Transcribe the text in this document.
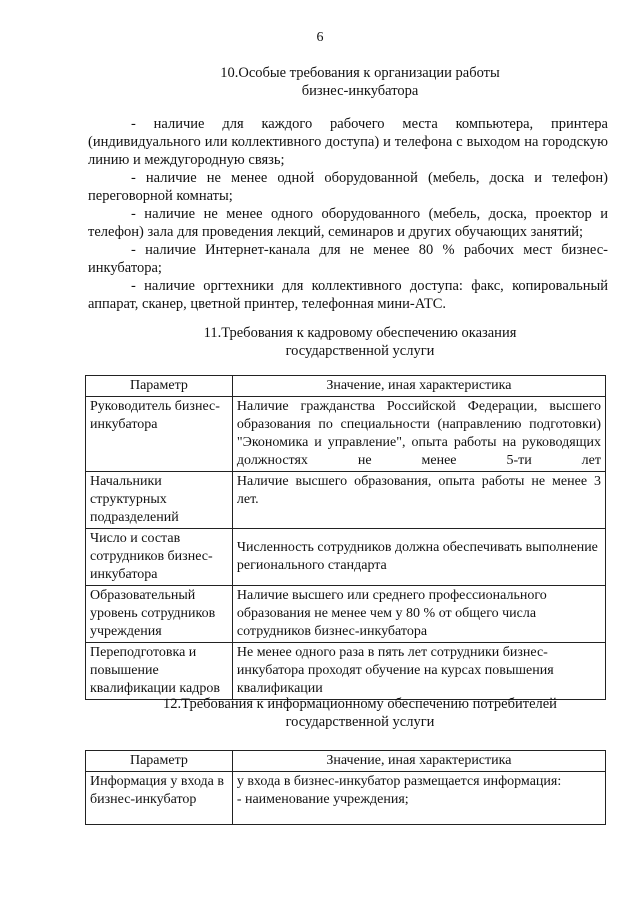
6
10.Особые требования к организации работы
бизнес-инкубатора

- наличие для каждого рабочего места компьютера, принтера (индивидуального или коллективного доступа) и телефона с выходом на городскую линию и междугородную связь;

- наличие не менее одной оборудованной (мебель, доска и телефон) переговорной комнаты;

- наличие не менее одного оборудованного (мебель, доска, проектор и телефон) зала для проведения лекций, семинаров и других обучающих занятий;

- наличие Интернет-канала для не менее 80 % рабочих мест бизнес-инкубатора;

- наличие оргтехники для коллективного доступа: факс, копировальный аппарат, сканер, цветной принтер, телефонная мини-АТС.

11.Требования к кадровому обеспечению оказания
государственной услуги
Параметр	Значение, иная характеристика
Руководитель бизнес-инкубатора	Наличие гражданства Российской Федерации, высшего образования по специальности (направлению подготовки) "Экономика и управление", опыта работы на руководящих должностях не менее 5-ти лет
Начальники структурных подразделений	Наличие высшего образования, опыта работы не менее 3 лет.
Число и состав сотрудников бизнес-инкубатора	Численность сотрудников должна обеспечивать выполнение регионального стандарта
Образовательный уровень сотрудников учреждения	Наличие высшего или среднего профессионального образования не менее чем у 80 % от общего числа сотрудников бизнес-инкубатора
Переподготовка и повышение квалификации кадров	Не менее одного раза в пять лет сотрудники бизнес-инкубатора проходят обучение на курсах повышения квалификации
12.Требования к информационному обеспечению потребителей
государственной услуги
Параметр	Значение, иная характеристика
Информация у входа в бизнес-инкубатор	у входа в бизнес-инкубатор размещается информация:
- наименование учреждения;
